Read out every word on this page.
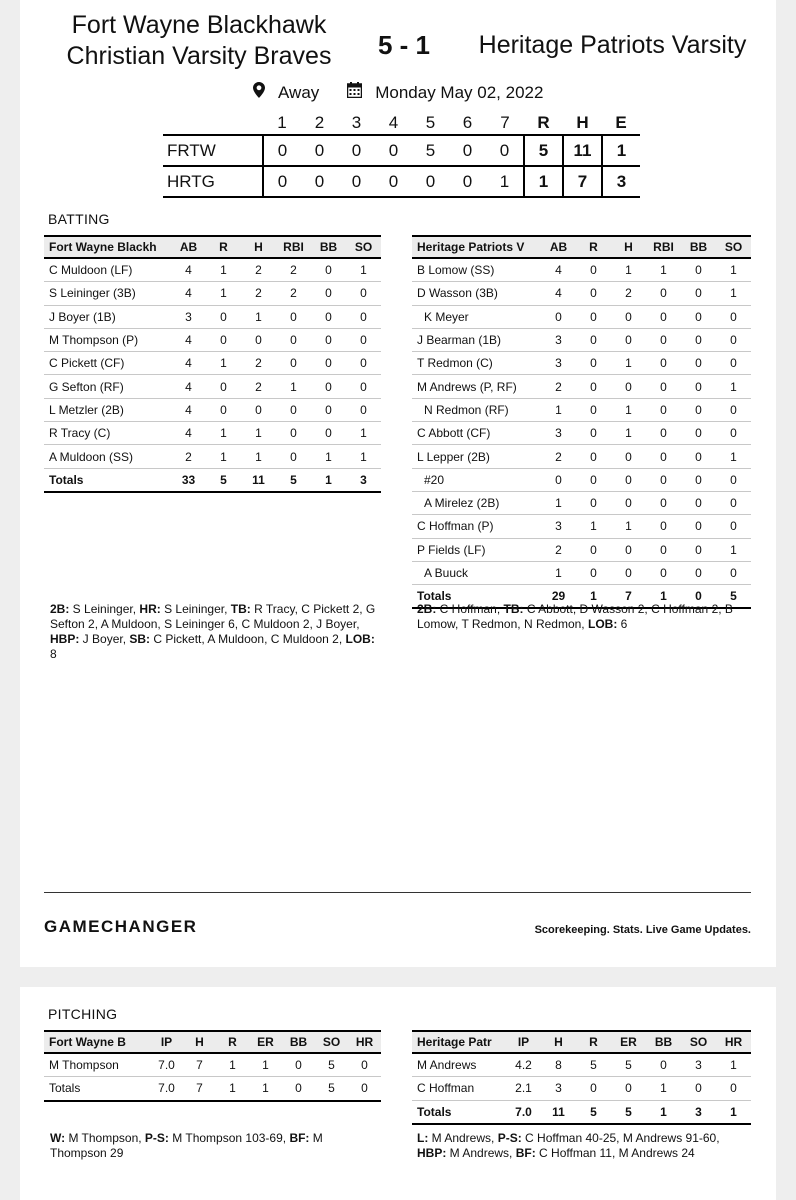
Fort Wayne Blackhawk Christian Varsity Braves	5 - 1	Heritage Patriots Varsity
Away	Monday May 02, 2022
	1	2	3	4	5	6	7	R	H	E
FRTW	0	0	0	0	5	0	0	5	11	1
HRTG	0	0	0	0	0	0	1	1	7	3
BATTING
Fort Wayne Blackh	AB	R	H	RBI	BB	SO
C Muldoon (LF)	4	1	2	2	0	1
S Leininger (3B)	4	1	2	2	0	0
J Boyer (1B)	3	0	1	0	0	0
M Thompson (P)	4	0	0	0	0	0
C Pickett (CF)	4	1	2	0	0	0
G Sefton (RF)	4	0	2	1	0	0
L Metzler (2B)	4	0	0	0	0	0
R Tracy (C)	4	1	1	0	0	1
A Muldoon (SS)	2	1	1	0	1	1
Totals	33	5	11	5	1	3
Heritage Patriots V	AB	R	H	RBI	BB	SO
B Lomow (SS)	4	0	1	1	0	1
D Wasson (3B)	4	0	2	0	0	1
K Meyer	0	0	0	0	0	0
J Bearman (1B)	3	0	0	0	0	0
T Redmon (C)	3	0	1	0	0	0
M Andrews (P, RF)	2	0	0	0	0	1
N Redmon (RF)	1	0	1	0	0	0
C Abbott (CF)	3	0	1	0	0	0
L Lepper (2B)	2	0	0	0	0	1
#20	0	0	0	0	0	0
A Mirelez (2B)	1	0	0	0	0	0
C Hoffman (P)	3	1	1	0	0	0
P Fields (LF)	2	0	0	0	0	1
A Buuck	1	0	0	0	0	0
Totals	29	1	7	1	0	5
2B: S Leininger, HR: S Leininger, TB: R Tracy, C Pickett 2, G Sefton 2, A Muldoon, S Leininger 6, C Muldoon 2, J Boyer, HBP: J Boyer, SB: C Pickett, A Muldoon, C Muldoon 2, LOB: 8
2B: C Hoffman, TB: C Abbott, D Wasson 2, C Hoffman 2, B Lomow, T Redmon, N Redmon, LOB: 6
GAMECHANGER	Scorekeeping. Stats. Live Game Updates.
PITCHING
Fort Wayne B	IP	H	R	ER	BB	SO	HR
M Thompson	7.0	7	1	1	0	5	0
Totals	7.0	7	1	1	0	5	0
Heritage Patr	IP	H	R	ER	BB	SO	HR
M Andrews	4.2	8	5	5	0	3	1
C Hoffman	2.1	3	0	0	1	0	0
Totals	7.0	11	5	5	1	3	1
W: M Thompson, P-S: M Thompson 103-69, BF: M Thompson 29
L: M Andrews, P-S: C Hoffman 40-25, M Andrews 91-60, HBP: M Andrews, BF: C Hoffman 11, M Andrews 24
